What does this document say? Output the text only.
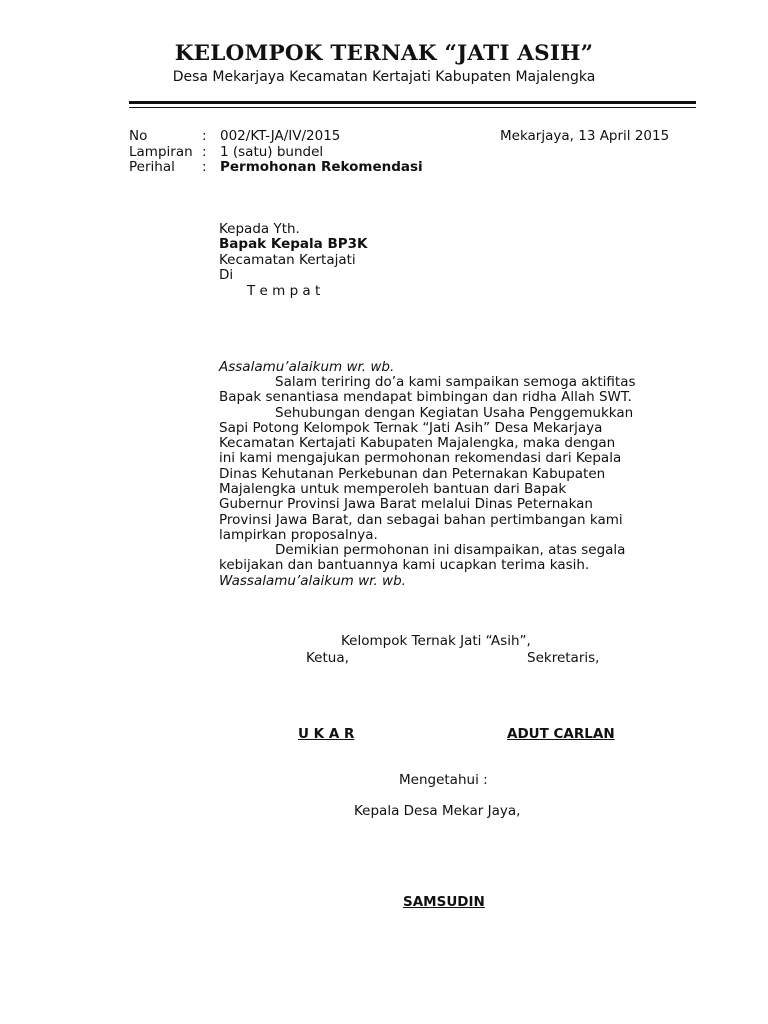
KELOMPOK TERNAK “JATI ASIH”
Desa Mekarjaya Kecamatan Kertajati Kabupaten Majalengka
No	: 002/KT-JA/IV/2015	Mekarjaya, 13 April 2015
Lampiran : 1 (satu) bundel
Perihal : Permohonan Rekomendasi
Kepada Yth.
Bapak Kepala BP3K
Kecamatan Kertajati
Di
T e m p a t
Assalamu’alaikum wr. wb.
Salam teriring do’a kami sampaikan semoga aktifitas
Bapak senantiasa mendapat bimbingan dan ridha Allah SWT.
Sehubungan dengan Kegiatan Usaha Penggemukkan
Sapi Potong Kelompok Ternak “Jati Asih” Desa Mekarjaya
Kecamatan Kertajati Kabupaten Majalengka, maka dengan
ini kami mengajukan permohonan rekomendasi dari Kepala
Dinas Kehutanan Perkebunan dan Peternakan Kabupaten
Majalengka untuk memperoleh bantuan dari Bapak
Gubernur Provinsi Jawa Barat melalui Dinas Peternakan
Provinsi Jawa Barat, dan sebagai bahan pertimbangan kami
lampirkan proposalnya.
Demikian permohonan ini disampaikan, atas segala
kebijakan dan bantuannya kami ucapkan terima kasih.
Wassalamu’alaikum wr. wb.
Kelompok Ternak Jati “Asih”,
Ketua,	Sekretaris,
U K A R	ADUT CARLAN
Mengetahui :
Kepala Desa Mekar Jaya,
SAMSUDIN
